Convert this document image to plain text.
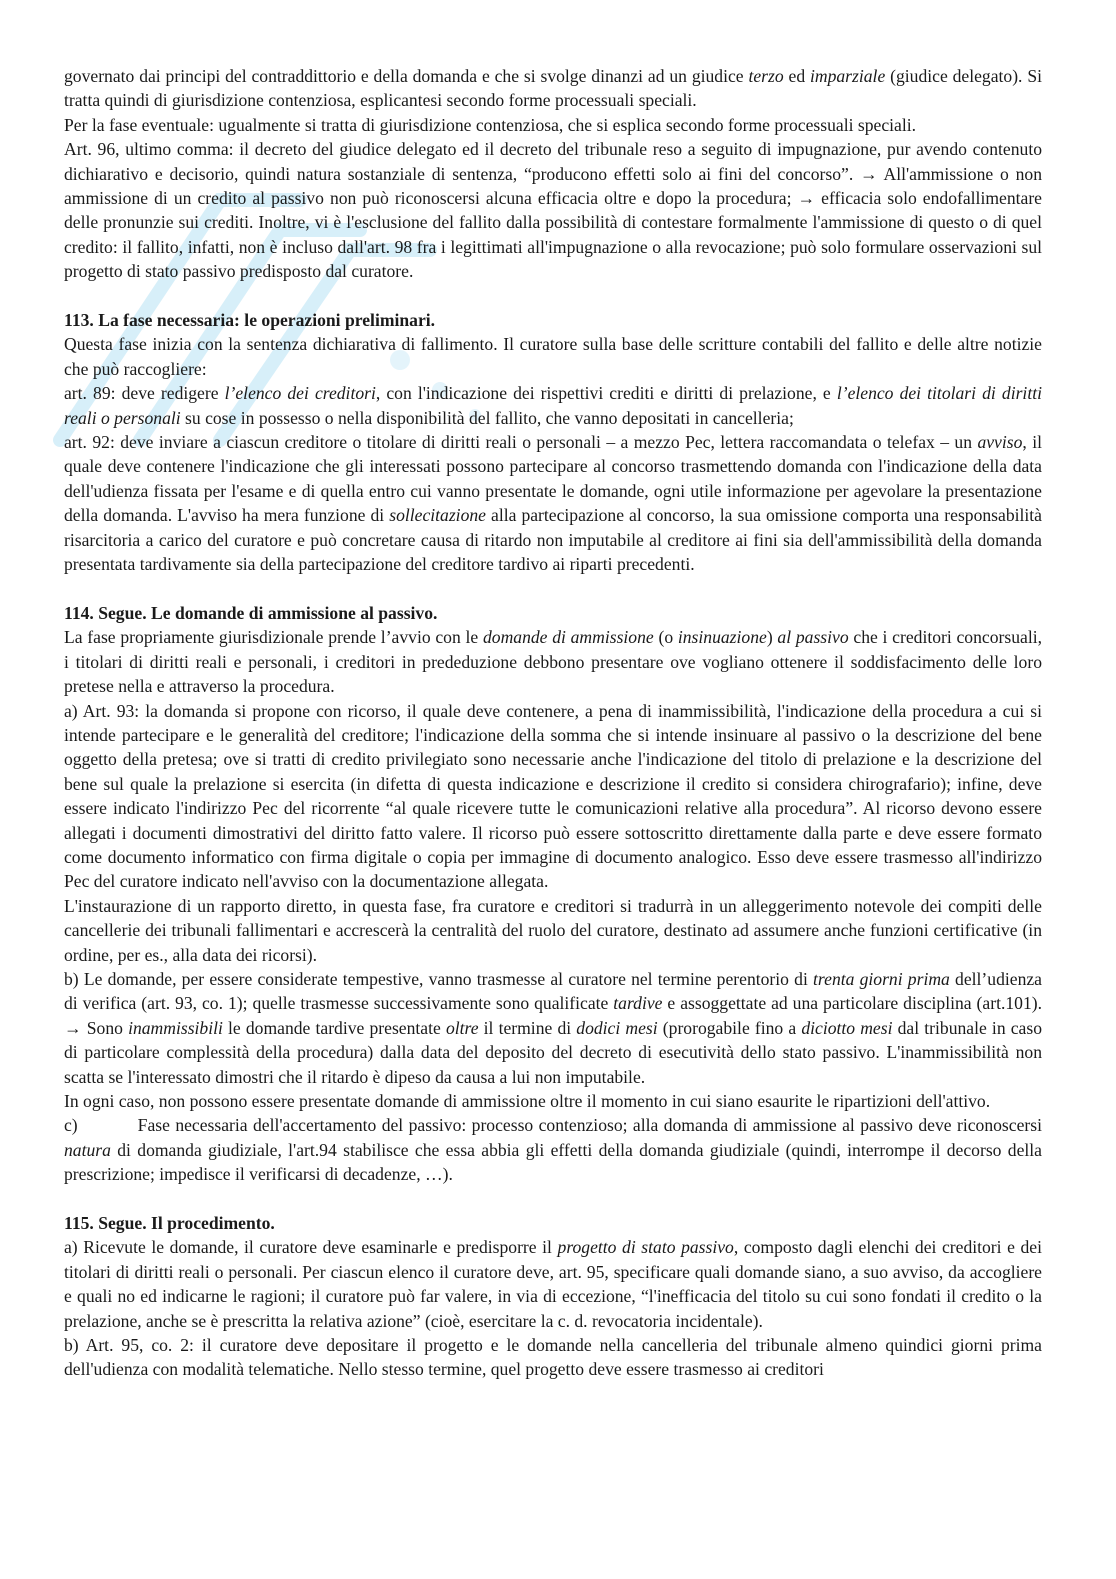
governato dai principi del contraddittorio e della domanda e che si svolge dinanzi ad un giudice terzo ed imparziale (giudice delegato). Si tratta quindi di giurisdizione contenziosa, esplicantesi secondo forme processuali speciali.

Per la fase eventuale: ugualmente si tratta di giurisdizione contenziosa, che si esplica secondo forme processuali speciali.

Art. 96, ultimo comma: il decreto del giudice delegato ed il decreto del tribunale reso a seguito di impugnazione, pur avendo contenuto dichiarativo e decisorio, quindi natura sostanziale di sentenza, “producono effetti solo ai fini del concorso”. → All'ammissione o non ammissione di un credito al passivo non può riconoscersi alcuna efficacia oltre e dopo la procedura; → efficacia solo endofallimentare delle pronunzie sui crediti. Inoltre, vi è l'esclusione del fallito dalla possibilità di contestare formalmente l'ammissione di questo o di quel credito: il fallito, infatti, non è incluso dall'art. 98 fra i legittimati all'impugnazione o alla revocazione; può solo formulare osservazioni sul progetto di stato passivo predisposto dal curatore.

113. La fase necessaria: le operazioni preliminari.

Questa fase inizia con la sentenza dichiarativa di fallimento. Il curatore sulla base delle scritture contabili del fallito e delle altre notizie che può raccogliere:

art. 89: deve redigere l’elenco dei creditori, con l'indicazione dei rispettivi crediti e diritti di prelazione, e l’elenco dei titolari di diritti reali o personali su cose in possesso o nella disponibilità del fallito, che vanno depositati in cancelleria;

art. 92: deve inviare a ciascun creditore o titolare di diritti reali o personali – a mezzo Pec, lettera raccomandata o telefax – un avviso, il quale deve contenere l'indicazione che gli interessati possono partecipare al concorso trasmettendo domanda con l'indicazione della data dell'udienza fissata per l'esame e di quella entro cui vanno presentate le domande, ogni utile informazione per agevolare la presentazione della domanda. L'avviso ha mera funzione di sollecitazione alla partecipazione al concorso, la sua omissione comporta una responsabilità risarcitoria a carico del curatore e può concretare causa di ritardo non imputabile al creditore ai fini sia dell'ammissibilità della domanda presentata tardivamente sia della partecipazione del creditore tardivo ai riparti precedenti.

114. Segue. Le domande di ammissione al passivo.

La fase propriamente giurisdizionale prende l’avvio con le domande di ammissione (o insinuazione) al passivo che i creditori concorsuali, i titolari di diritti reali e personali, i creditori in prededuzione debbono presentare ove vogliano ottenere il soddisfacimento delle loro pretese nella e attraverso la procedura.

a) Art. 93: la domanda si propone con ricorso, il quale deve contenere, a pena di inammissibilità, l'indicazione della procedura a cui si intende partecipare e le generalità del creditore; l'indicazione della somma che si intende insinuare al passivo o la descrizione del bene oggetto della pretesa; ove si tratti di credito privilegiato sono necessarie anche l'indicazione del titolo di prelazione e la descrizione del bene sul quale la prelazione si esercita (in difetta di questa indicazione e descrizione il credito si considera chirografario); infine, deve essere indicato l'indirizzo Pec del ricorrente “al quale ricevere tutte le comunicazioni relative alla procedura”. Al ricorso devono essere allegati i documenti dimostrativi del diritto fatto valere. Il ricorso può essere sottoscritto direttamente dalla parte e deve essere formato come documento informatico con firma digitale o copia per immagine di documento analogico. Esso deve essere trasmesso all'indirizzo Pec del curatore indicato nell'avviso con la documentazione allegata.

L'instaurazione di un rapporto diretto, in questa fase, fra curatore e creditori si tradurrà in un alleggerimento notevole dei compiti delle cancellerie dei tribunali fallimentari e accrescerà la centralità del ruolo del curatore, destinato ad assumere anche funzioni certificative (in ordine, per es., alla data dei ricorsi).

b) Le domande, per essere considerate tempestive, vanno trasmesse al curatore nel termine perentorio di trenta giorni prima dell’udienza di verifica (art. 93, co. 1); quelle trasmesse successivamente sono qualificate tardive e assoggettate ad una particolare disciplina (art.101). → Sono inammissibili le domande tardive presentate oltre il termine di dodici mesi (prorogabile fino a diciotto mesi dal tribunale in caso di particolare complessità della procedura) dalla data del deposito del decreto di esecutività dello stato passivo. L'inammissibilità non scatta se l'interessato dimostri che il ritardo è dipeso da causa a lui non imputabile.

In ogni caso, non possono essere presentate domande di ammissione oltre il momento in cui siano esaurite le ripartizioni dell'attivo.

c)	Fase necessaria dell'accertamento del passivo: processo contenzioso; alla domanda di ammissione al passivo deve riconoscersi natura di domanda giudiziale, l'art.94 stabilisce che essa abbia gli effetti della domanda giudiziale (quindi, interrompe il decorso della prescrizione; impedisce il verificarsi di decadenze, …).

115. Segue. Il procedimento.

a) Ricevute le domande, il curatore deve esaminarle e predisporre il progetto di stato passivo, composto dagli elenchi dei creditori e dei titolari di diritti reali o personali. Per ciascun elenco il curatore deve, art. 95, specificare quali domande siano, a suo avviso, da accogliere e quali no ed indicarne le ragioni; il curatore può far valere, in via di eccezione, “l'inefficacia del titolo su cui sono fondati il credito o la prelazione, anche se è prescritta la relativa azione” (cioè, esercitare la c. d. revocatoria incidentale).

b) Art. 95, co. 2: il curatore deve depositare il progetto e le domande nella cancelleria del tribunale almeno quindici giorni prima dell'udienza con modalità telematiche. Nello stesso termine, quel progetto deve essere trasmesso ai creditori
